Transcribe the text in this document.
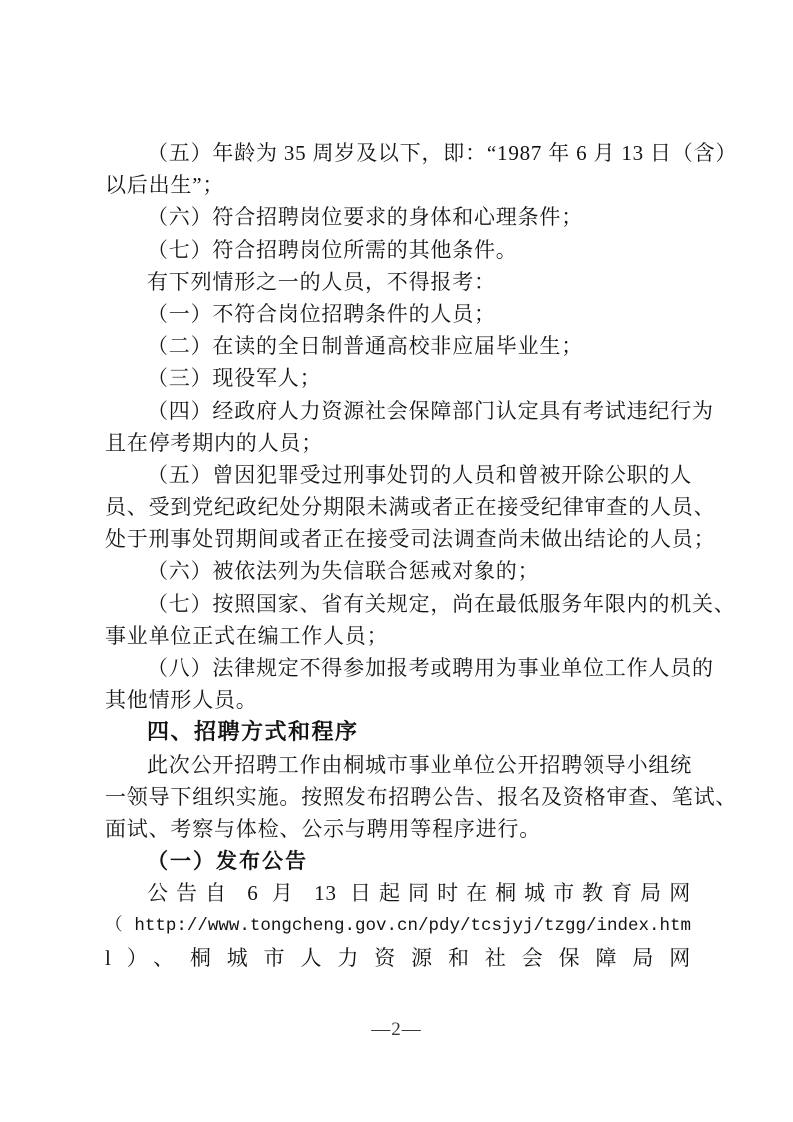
（五）年龄为 35 周岁及以下，即：“1987 年 6 月 13 日（含）
以后出生”；
（六）符合招聘岗位要求的身体和心理条件；
（七）符合招聘岗位所需的其他条件。
有下列情形之一的人员，不得报考：
（一）不符合岗位招聘条件的人员；
（二）在读的全日制普通高校非应届毕业生；
（三）现役军人；
（四）经政府人力资源社会保障部门认定具有考试违纪行为
且在停考期内的人员；
（五）曾因犯罪受过刑事处罚的人员和曾被开除公职的人
员、受到党纪政纪处分期限未满或者正在接受纪律审查的人员、
处于刑事处罚期间或者正在接受司法调查尚未做出结论的人员；
（六）被依法列为失信联合惩戒对象的；
（七）按照国家、省有关规定，尚在最低服务年限内的机关、
事业单位正式在编工作人员；
（八）法律规定不得参加报考或聘用为事业单位工作人员的
其他情形人员。
四、招聘方式和程序
此次公开招聘工作由桐城市事业单位公开招聘领导小组统
一领导下组织实施。按照发布招聘公告、报名及资格审查、笔试、
面试、考察与体检、公示与聘用等程序进行。
（一）发布公告
公告自 6 月 13 日起同时在桐城市教育局网
（http://www.tongcheng.gov.cn/pdy/tcsjyj/tzgg/index.htm
l）、桐城市人力资源和社会保障局网
—2—
